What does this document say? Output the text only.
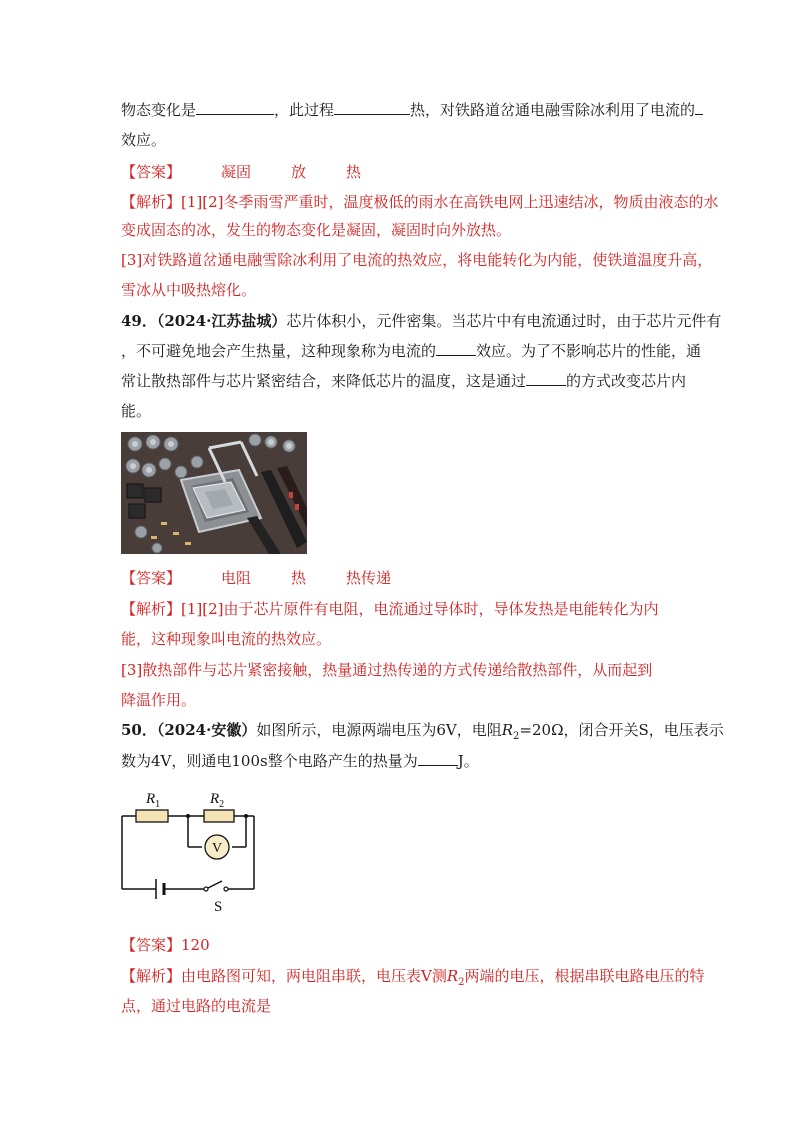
物态变化是	，此过程	热，对铁路道岔通电融雪除冰利用了电流的
效应。
【答案】	凝固	放	热
【解析】[1][2]冬季雨雪严重时，温度极低的雨水在高铁电网上迅速结冰，物质由液态的水
变成固态的冰，发生的物态变化是凝固，凝固时向外放热。
[3]对铁路道岔通电融雪除冰利用了电流的热效应，将电能转化为内能，使铁道温度升高，
雪冰从中吸热熔化。
49．（2024·江苏盐城）芯片体积小，元件密集。当芯片中有电流通过时，由于芯片元件有
，不可避免地会产生热量，这种现象称为电流的	效应。为了不影响芯片的性能，通
常让散热部件与芯片紧密结合，来降低芯片的温度，这是通过	的方式改变芯片内
能。
【答案】	电阻	热	热传递
【解析】[1][2]由于芯片原件有电阻，电流通过导体时，导体发热是电能转化为内
能，这种现象叫电流的热效应。
[3]散热部件与芯片紧密接触，热量通过热传递的方式传递给散热部件，从而起到
降温作用。
50．（2024·安徽）如图所示，电源两端电压为6V，电阻$R_2=20\Omega$，闭合开关S，电压表示
数为4V，则通电100s整个电路产生的热量为	J。
V
$R_1$	$R_2$
S
【答案】120
【解析】由电路图可知，两电阻串联，电压表V测$R_2$两端的电压，根据串联电路电压的特
点，通过电路的电流是
